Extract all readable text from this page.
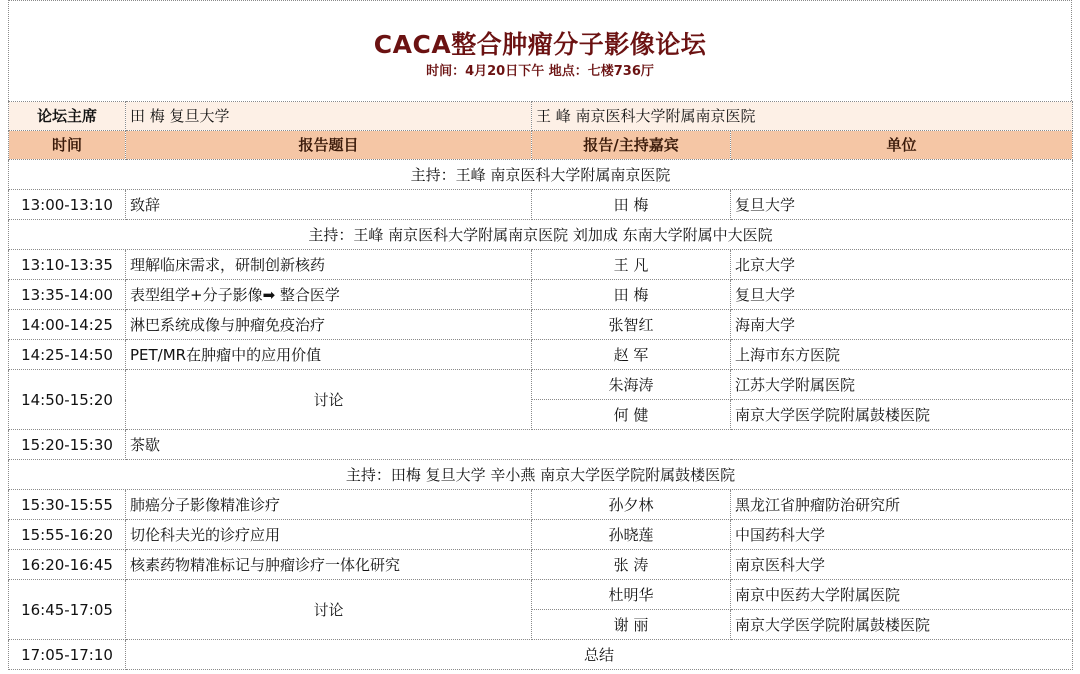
CACA整合肿瘤分子影像论坛
时间：4月20日下午 地点：七楼736厅
论坛主席	田 梅 复旦大学	王 峰 南京医科大学附属南京医院	
时间	报告题目	报告/主持嘉宾	单位
主持：王峰 南京医科大学附属南京医院			
13:00-13:10	致辞	田 梅	复旦大学
主持：王峰 南京医科大学附属南京医院 刘加成 东南大学附属中大医院			
13:10-13:35	理解临床需求，研制创新核药	王 凡	北京大学
13:35-14:00	表型组学+分子影像➡ 整合医学	田 梅	复旦大学
14:00-14:25	淋巴系统成像与肿瘤免疫治疗	张智红	海南大学
14:25-14:50	PET/MR在肿瘤中的应用价值	赵 军	上海市东方医院
14:50-15:20	讨论	朱海涛	江苏大学附属医院
		何 健	南京大学医学院附属鼓楼医院
15:20-15:30	茶歇		
主持：田梅 复旦大学 辛小燕 南京大学医学院附属鼓楼医院			
15:30-15:55	肺癌分子影像精准诊疗	孙夕林	黑龙江省肿瘤防治研究所
15:55-16:20	切伦科夫光的诊疗应用	孙晓莲	中国药科大学
16:20-16:45	核素药物精准标记与肿瘤诊疗一体化研究	张 涛	南京医科大学
16:45-17:05	讨论	杜明华	南京中医药大学附属医院
		谢 丽	南京大学医学院附属鼓楼医院
17:05-17:10	总结		
